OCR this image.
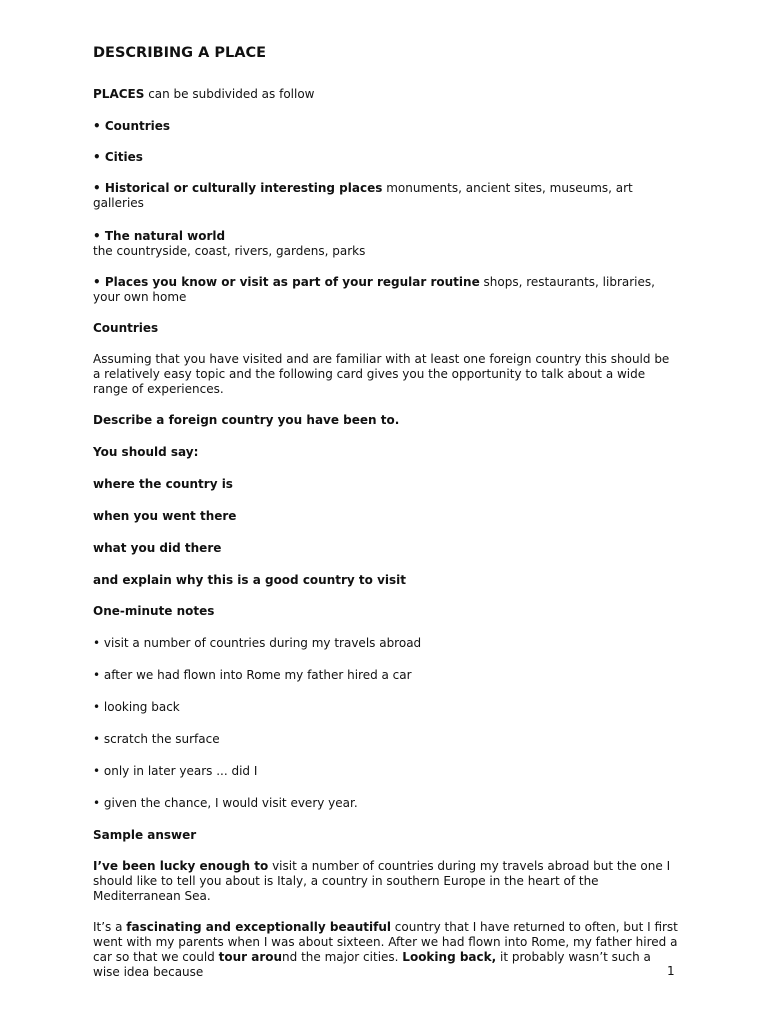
DESCRIBING A PLACE

PLACES can be subdivided as follow

• Countries

• Cities

• Historical or culturally interesting places monuments, ancient sites, museums, art galleries

• The natural world
the countryside, coast, rivers, gardens, parks

• Places you know or visit as part of your regular routine shops, restaurants, libraries, your own home

Countries

Assuming that you have visited and are familiar with at least one foreign country this should be a relatively easy topic and the following card gives you the opportunity to talk about a wide range of experiences.

Describe a foreign country you have been to.

You should say:

where the country is

when you went there

what you did there

and explain why this is a good country to visit

One-minute notes

• visit a number of countries during my travels abroad

• after we had flown into Rome my father hired a car

• looking back

• scratch the surface

• only in later years ... did I

• given the chance, I would visit every year.

Sample answer

I’ve been lucky enough to visit a number of countries during my travels abroad but the one I should like to tell you about is Italy, a country in southern Europe in the heart of the Mediterranean Sea.

It’s a fascinating and exceptionally beautiful country that I have returned to often, but I first went with my parents when I was about sixteen. After we had flown into Rome, my father hired a car so that we could tour around the major cities. Looking back, it probably wasn’t such a wise idea because	1
